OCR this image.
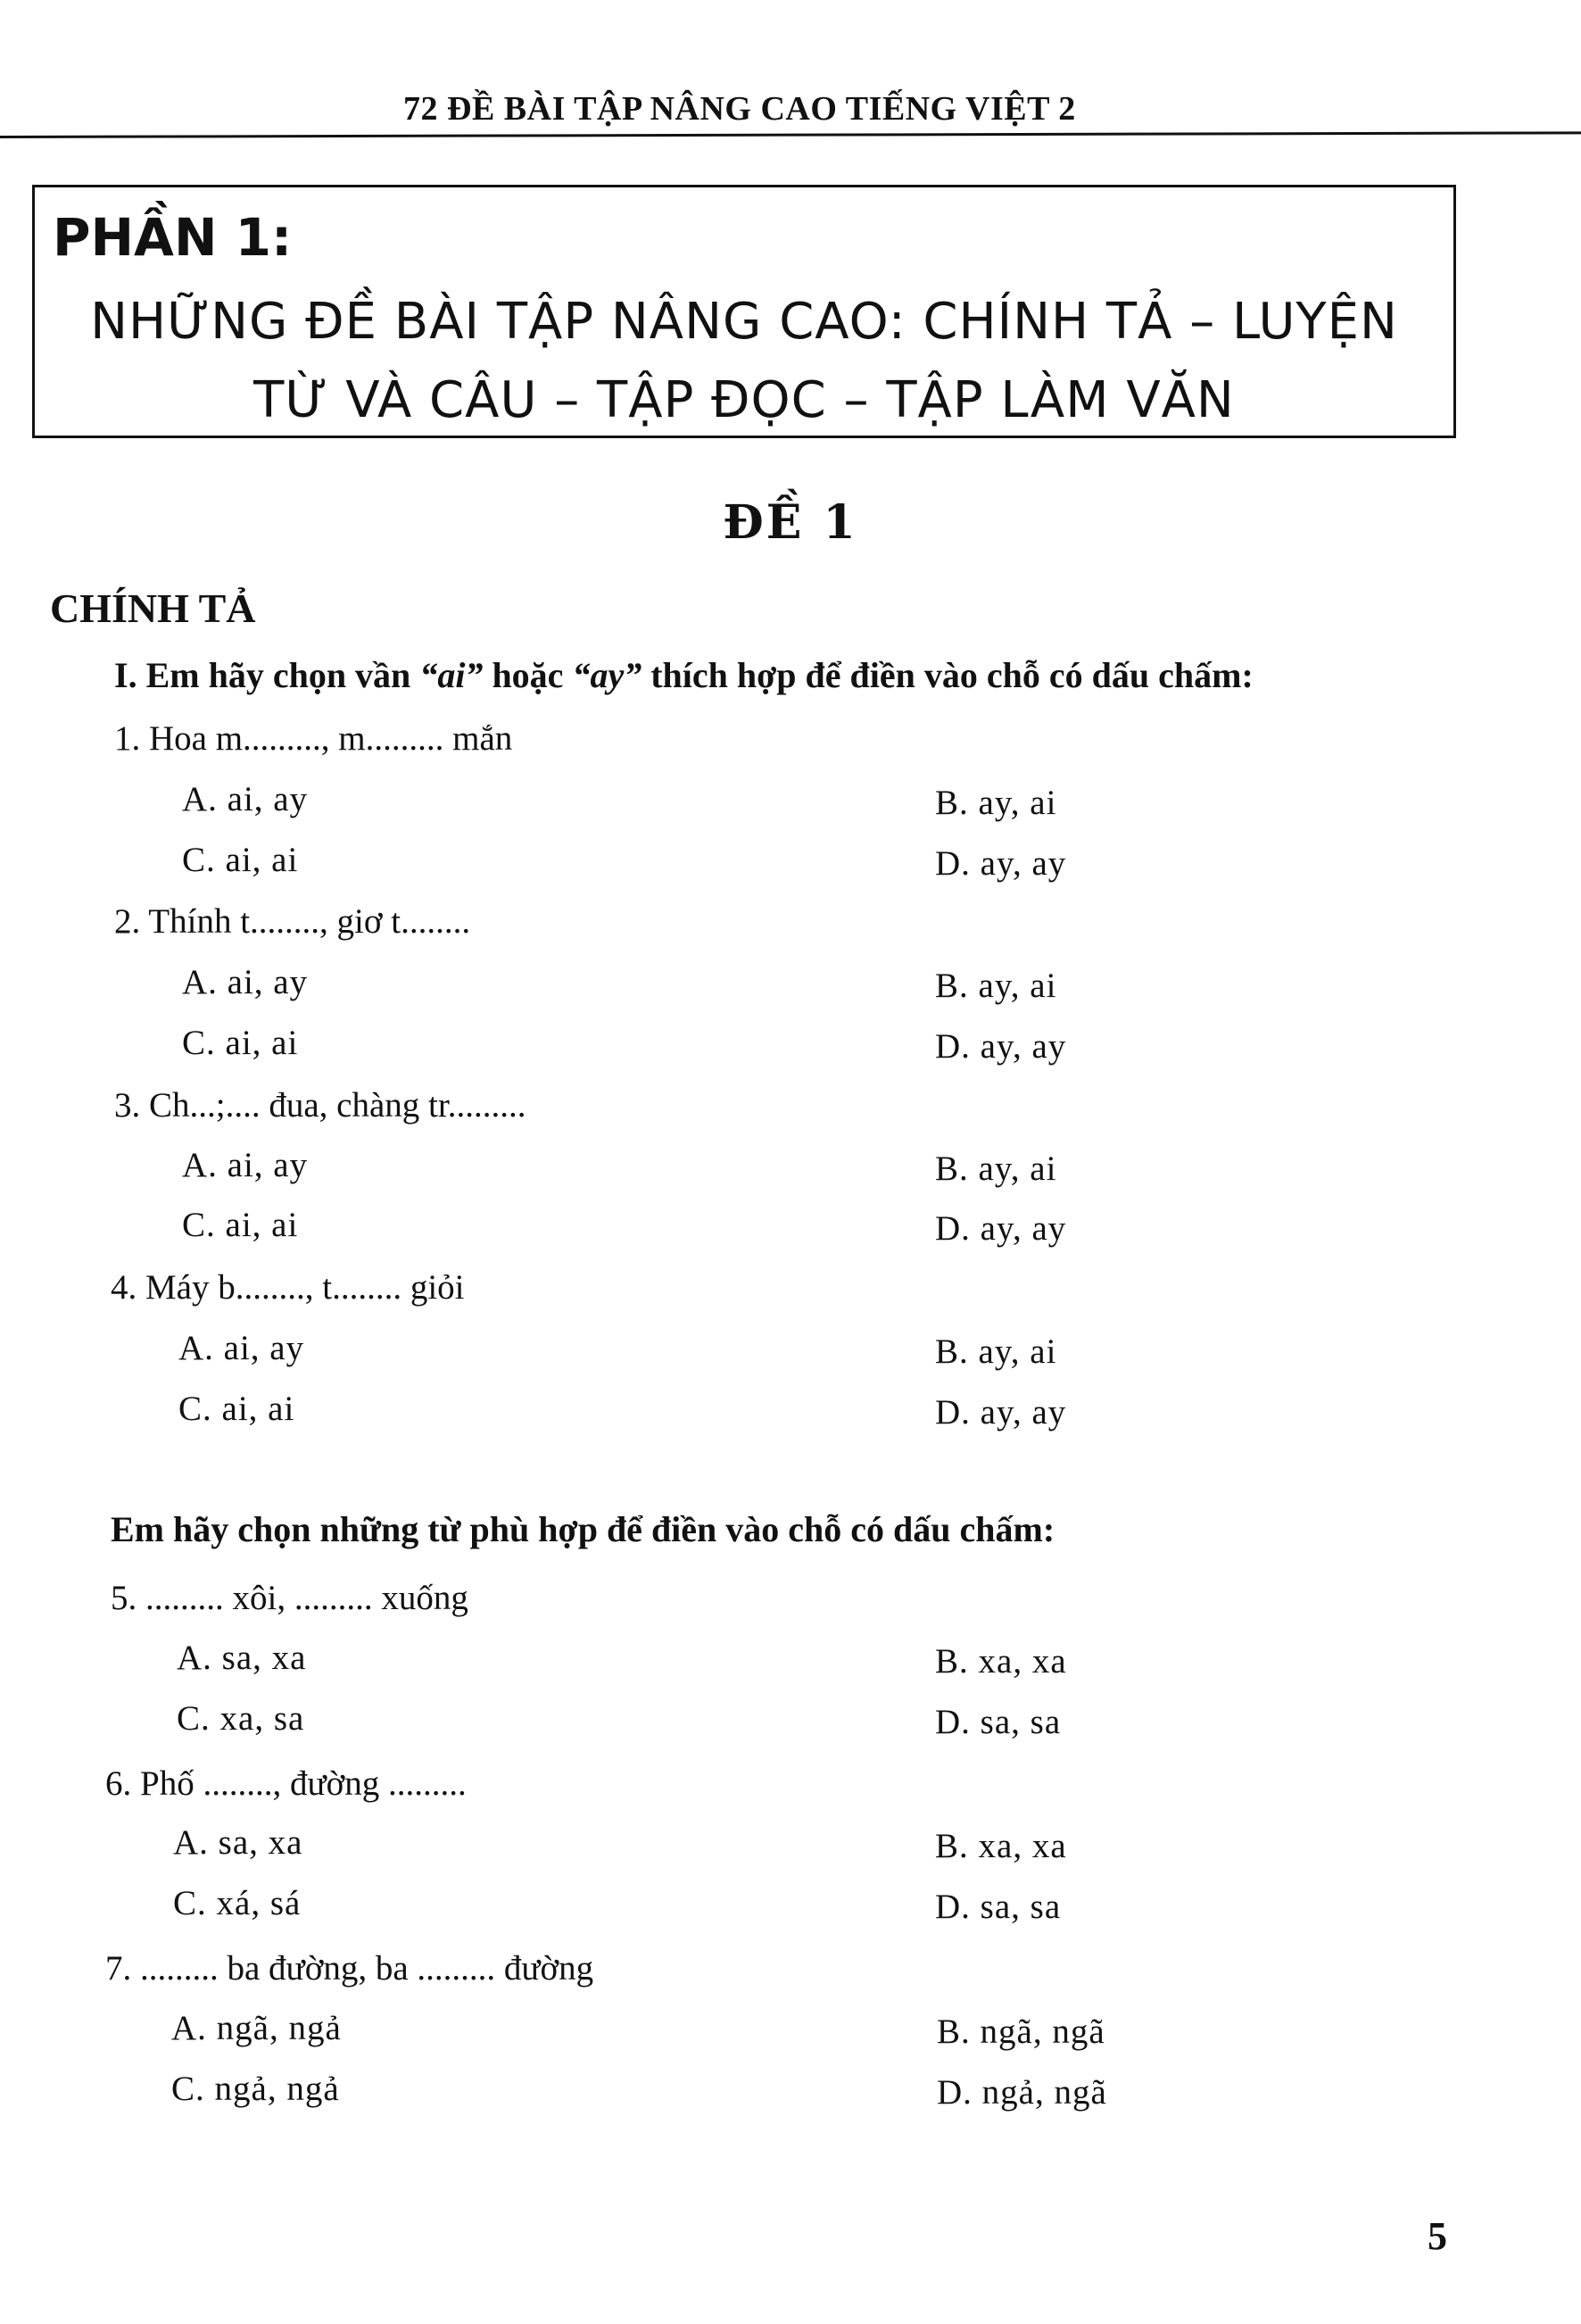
72 ĐỀ BÀI TẬP NÂNG CAO TIẾNG VIỆT 2
PHẦN 1:
NHỮNG ĐỀ BÀI TẬP NÂNG CAO: CHÍNH TẢ – LUYỆN
TỪ VÀ CÂU – TẬP ĐỌC – TẬP LÀM VĂN
ĐỀ 1
CHÍNH TẢ
I. Em hãy chọn vần “ai” hoặc “ay” thích hợp để điền vào chỗ có dấu chấm:
Em hãy chọn những từ phù hợp để điền vào chỗ có dấu chấm:
1. Hoa m........., m......... mắn
A. ai, ay	B. ay, ai
C. ai, ai	D. ay, ay
2. Thính t........, giơ t........
A. ai, ay	B. ay, ai
C. ai, ai	D. ay, ay
3. Ch...;.... đua, chàng tr.........
A. ai, ay	B. ay, ai
C. ai, ai	D. ay, ay
4. Máy b........, t........ giỏi
A. ai, ay	B. ay, ai
C. ai, ai	D. ay, ay
5. ......... xôi, ......... xuống
A. sa, xa	B. xa, xa
C. xa, sa	D. sa, sa
6. Phố ........, đường .........
A. sa, xa	B. xa, xa
C. xá, sá	D. sa, sa
7. ......... ba đường, ba ......... đường
A. ngã, ngả	B. ngã, ngã
C. ngả, ngả	D. ngả, ngã
5
